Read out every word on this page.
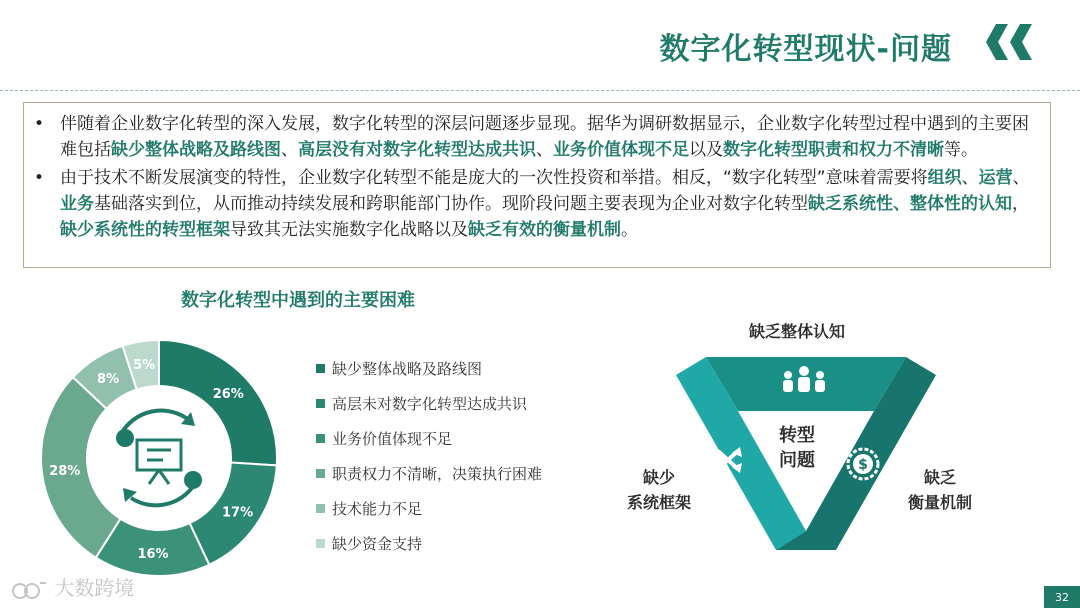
数字化转型现状-问题
• 伴随着企业数字化转型的深入发展，数字化转型的深层问题逐步显现。据华为调研数据显示，企业数字化转型过程中遇到的主要困难包括缺少整体战略及路线图、高层没有对数字化转型达成共识、业务价值体现不足以及数字化转型职责和权力不清晰等。
• 由于技术不断发展演变的特性，企业数字化转型不能是庞大的一次性投资和举措。相反，“数字化转型”意味着需要将组织、运营、业务基础落实到位，从而推动持续发展和跨职能部门协作。现阶段问题主要表现为企业对数字化转型缺乏系统性、整体性的认知，缺少系统性的转型框架导致其无法实施数字化战略以及缺乏有效的衡量机制。
数字化转型中遇到的主要困难
26%
17%
16%
28%
8%
5%	缺少整体战略及路线图
高层未对数字化转型达成共识
业务价值体现不足
职责权力不清晰，决策执行困难
技术能力不足
缺少资金支持
$
缺乏整体认知
转型
问题
缺少
系统框架
缺乏
衡量机制
大数跨境	32
